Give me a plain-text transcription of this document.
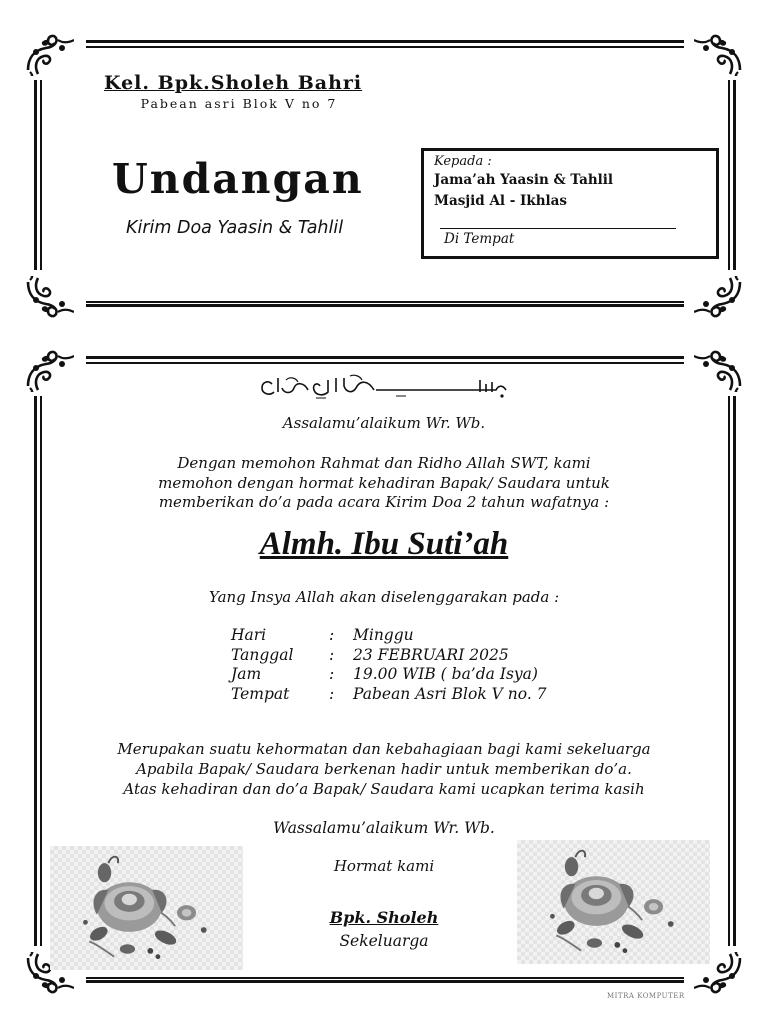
Kel. Bpk.Sholeh Bahri
Pabean asri Blok V no 7
Undangan
Kirim Doa Yaasin & Tahlil
Kepada :
Jama’ah Yaasin & Tahlil
Masjid Al - Ikhlas
Di Tempat
Assalamu’alaikum Wr. Wb.
Dengan memohon Rahmat dan Ridho Allah SWT, kami
memohon dengan hormat kehadiran Bapak/ Saudara untuk
memberikan do’a pada acara Kirim Doa 2 tahun wafatnya :
Almh. Ibu Suti’ah
Yang Insya Allah akan diselenggarakan pada :
Hari	: Minggu
Tanggal : 23 FEBRUARI 2025
Jam	: 19.00 WIB ( ba’da Isya)
Tempat	: Pabean Asri Blok V no. 7
Merupakan suatu kehormatan dan kebahagiaan bagi kami sekeluarga
Apabila Bapak/ Saudara berkenan hadir untuk memberikan do’a.
Atas kehadiran dan do’a Bapak/ Saudara kami ucapkan terima kasih
Wassalamu’alaikum Wr. Wb.
Hormat kami
Bpk. Sholeh
Sekeluarga
MITRA KOMPUTER
